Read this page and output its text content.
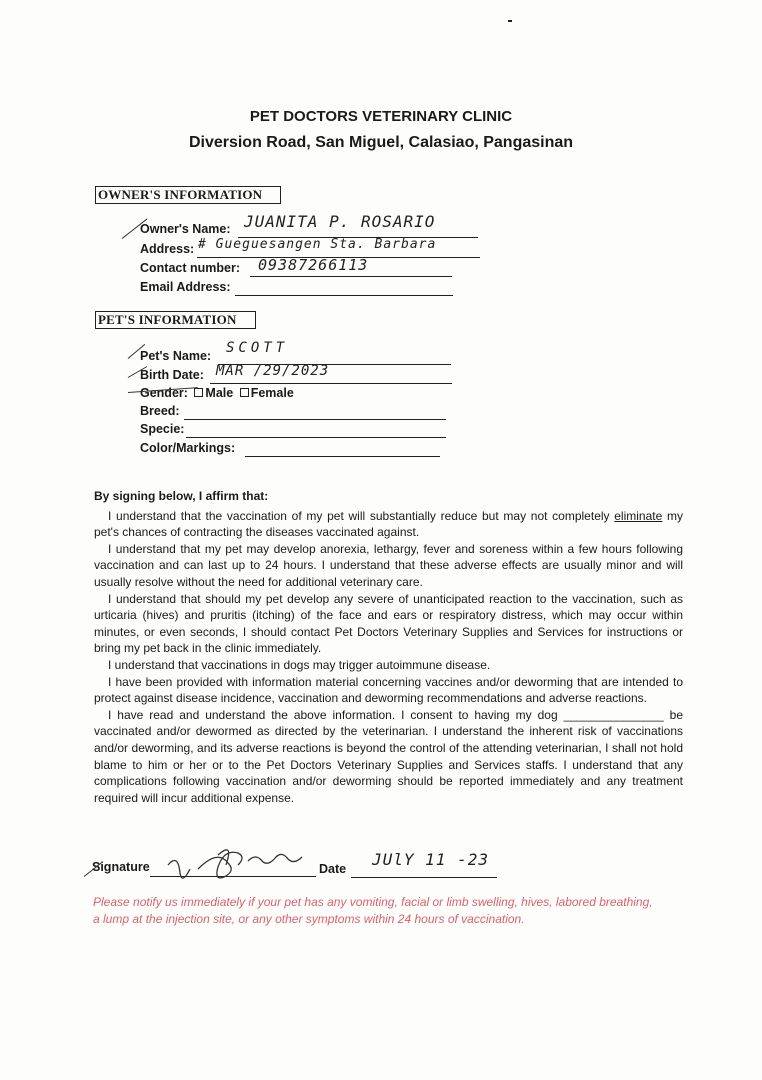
PET DOCTORS VETERINARY CLINIC
Diversion Road, San Miguel, Calasiao, Pangasinan
OWNER'S INFORMATION
Owner's Name: JUANITA P. ROSARIO
Address: # Gueguesangen Sta. Barbara
Contact number: 09387266113
Email Address:
PET'S INFORMATION
Pet's Name: SCOTT
Birth Date: MAR /29/2023
Gender: Male Female
Breed:
Specie:
Color/Markings:

By signing below, I affirm that:

I understand that the vaccination of my pet will substantially reduce but may not completely eliminate my pet's chances of contracting the diseases vaccinated against.

I understand that my pet may develop anorexia, lethargy, fever and soreness within a few hours following vaccination and can last up to 24 hours. I understand that these adverse effects are usually minor and will usually resolve without the need for additional veterinary care.

I understand that should my pet develop any severe of unanticipated reaction to the vaccination, such as urticaria (hives) and pruritis (itching) of the face and ears or respiratory distress, which may occur within minutes, or even seconds, I should contact Pet Doctors Veterinary Supplies and Services for instructions or bring my pet back in the clinic immediately.

I understand that vaccinations in dogs may trigger autoimmune disease.

I have been provided with information material concerning vaccines and/or deworming that are intended to protect against disease incidence, vaccination and deworming recommendations and adverse reactions.

I have read and understand the above information. I consent to having my dog _______________ be vaccinated and/or dewormed as directed by the veterinarian. I understand the inherent risk of vaccinations and/or deworming, and its adverse reactions is beyond the control of the attending veterinarian, I shall not hold blame to him or her or to the Pet Doctors Veterinary Supplies and Services staffs. I understand that any complications following vaccination and/or deworming should be reported immediately and any treatment required will incur additional expense.

Signature	Date JUlY 11 -23
Please notify us immediately if your pet has any vomiting, facial or limb swelling, hives, labored breathing, a lump at the injection site, or any other symptoms within 24 hours of vaccination.
